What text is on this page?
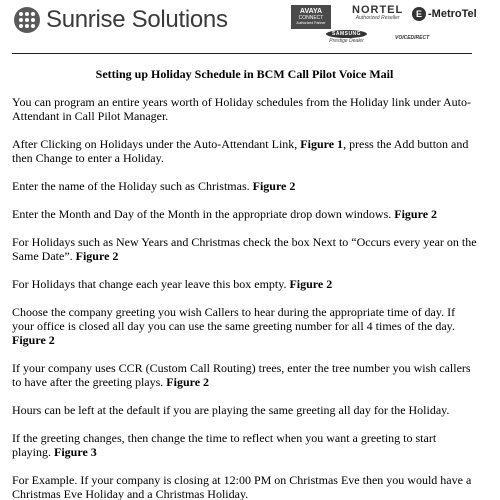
Sunrise Solutions	AVAYA
CONNECT
Authorized Partner
NORTEL
Authorized Reseller	E -MetroTel
SAMSUNG
Prestige Dealer	VOICEDIRECT
Setting up Holiday Schedule in BCM Call Pilot Voice Mail

You can program an entire years worth of Holiday schedules from the Holiday link under Auto-Attendant in Call Pilot Manager.

After Clicking on Holidays under the Auto-Attendant Link, Figure 1, press the Add button and then Change to enter a Holiday.

Enter the name of the Holiday such as Christmas. Figure 2

Enter the Month and Day of the Month in the appropriate drop down windows. Figure 2

For Holidays such as New Years and Christmas check the box Next to “Occurs every year on the Same Date”. Figure 2

For Holidays that change each year leave this box empty. Figure 2

Choose the company greeting you wish Callers to hear during the appropriate time of day. If your office is closed all day you can use the same greeting number for all 4 times of the day. Figure 2

If your company uses CCR (Custom Call Routing) trees, enter the tree number you wish callers to have after the greeting plays. Figure 2

Hours can be left at the default if you are playing the same greeting all day for the Holiday.

If the greeting changes, then change the time to reflect when you want a greeting to start playing. Figure 3

For Example. If your company is closing at 12:00 PM on Christmas Eve then you would have a Christmas Eve Holiday and a Christmas Holiday.
